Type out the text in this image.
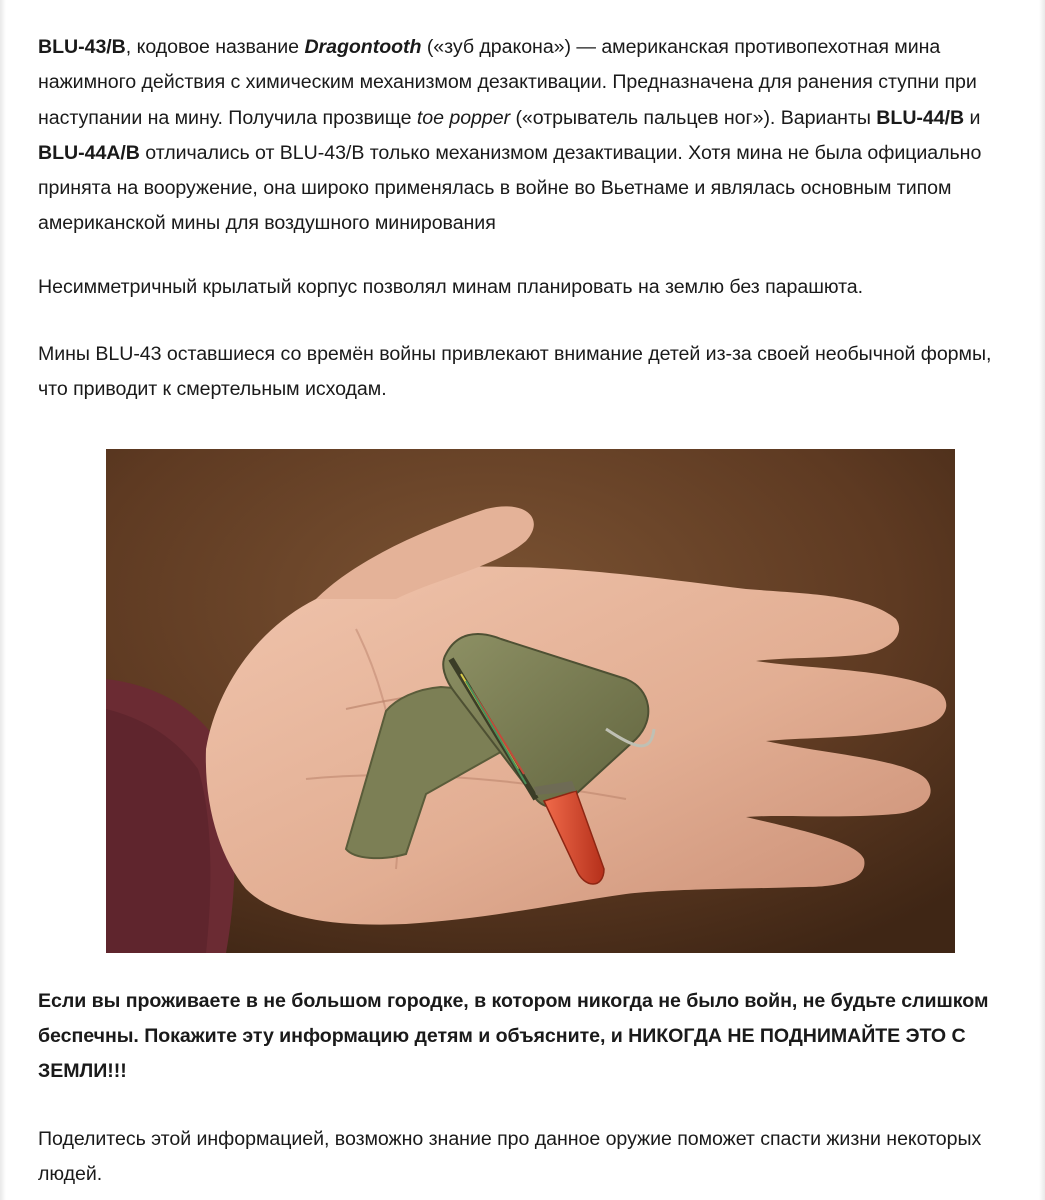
BLU-43/B, кодовое название Dragontooth («зуб дракона») — американская противопехотная мина нажимного действия с химическим механизмом дезактивации. Предназначена для ранения ступни при наступании на мину. Получила прозвище toe popper («отрыватель пальцев ног»). Варианты BLU-44/B и BLU-44A/B отличались от BLU-43/B только механизмом дезактивации. Хотя мина не была официально принята на вооружение, она широко применялась в войне во Вьетнаме и являлась основным типом американской мины для воздушного минирования

Несимметричный крылатый корпус позволял минам планировать на землю без парашюта.

Мины BLU-43 оставшиеся со времён войны привлекают внимание детей из-за своей необычной формы, что приводит к смертельным исходам.

Если вы проживаете в не большом городке, в котором никогда не было войн, не будьте слишком беспечны. Покажите эту информацию детям и объясните, и НИКОГДА НЕ ПОДНИМАЙТЕ ЭТО С ЗЕМЛИ!!!

Поделитесь этой информацией, возможно знание про данное оружие поможет спасти жизни некоторых людей.
